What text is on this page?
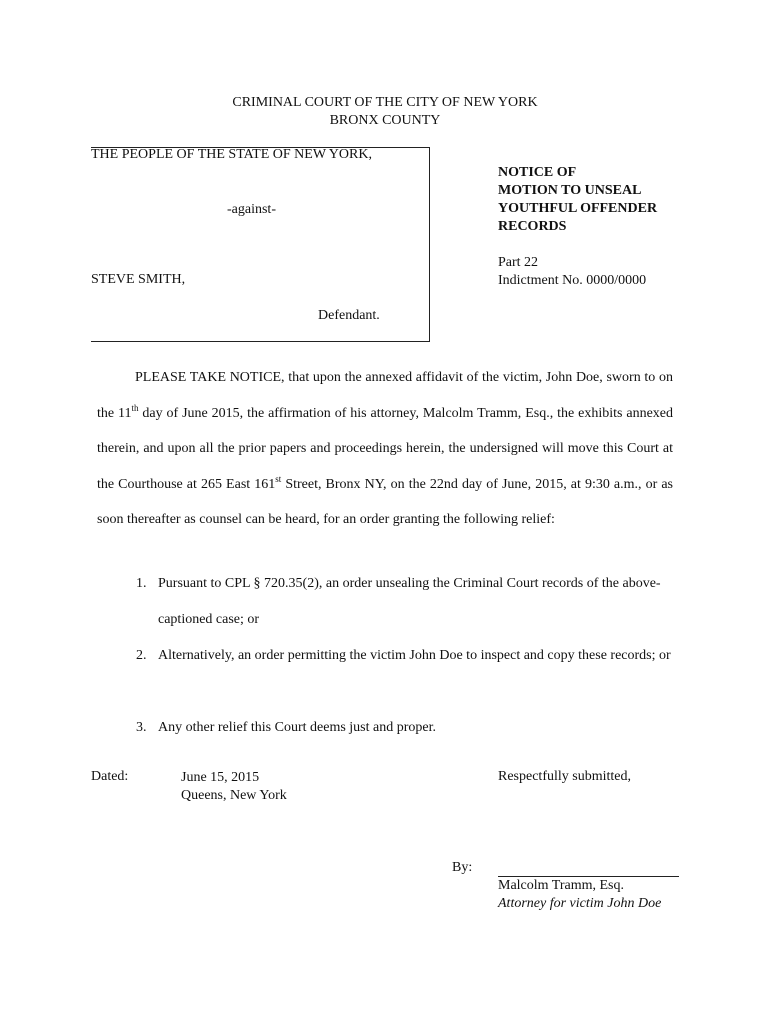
CRIMINAL COURT OF THE CITY OF NEW YORK
BRONX COUNTY
THE PEOPLE OF THE STATE OF NEW YORK,
-against-
STEVE SMITH,
Defendant.
NOTICE OF
MOTION TO UNSEAL
YOUTHFUL OFFENDER
RECORDS
Part 22
Indictment No. 0000/0000
PLEASE TAKE NOTICE, that upon the annexed affidavit of the victim, John Doe, sworn to on the 11th day of June 2015, the affirmation of his attorney, Malcolm Tramm, Esq., the exhibits annexed therein, and upon all the prior papers and proceedings herein, the undersigned will move this Court at the Courthouse at 265 East 161st Street, Bronx NY, on the 22nd day of June, 2015, at 9:30 a.m., or as soon thereafter as counsel can be heard, for an order granting the following relief:
1. Pursuant to CPL § 720.35(2), an order unsealing the Criminal Court records of the above-captioned case; or
2. Alternatively, an order permitting the victim John Doe to inspect and copy these records; or
3. Any other relief this Court deems just and proper.
Dated:	June 15, 2015
Queens, New York
Respectfully submitted,
By:
Malcolm Tramm, Esq.
Attorney for victim John Doe
